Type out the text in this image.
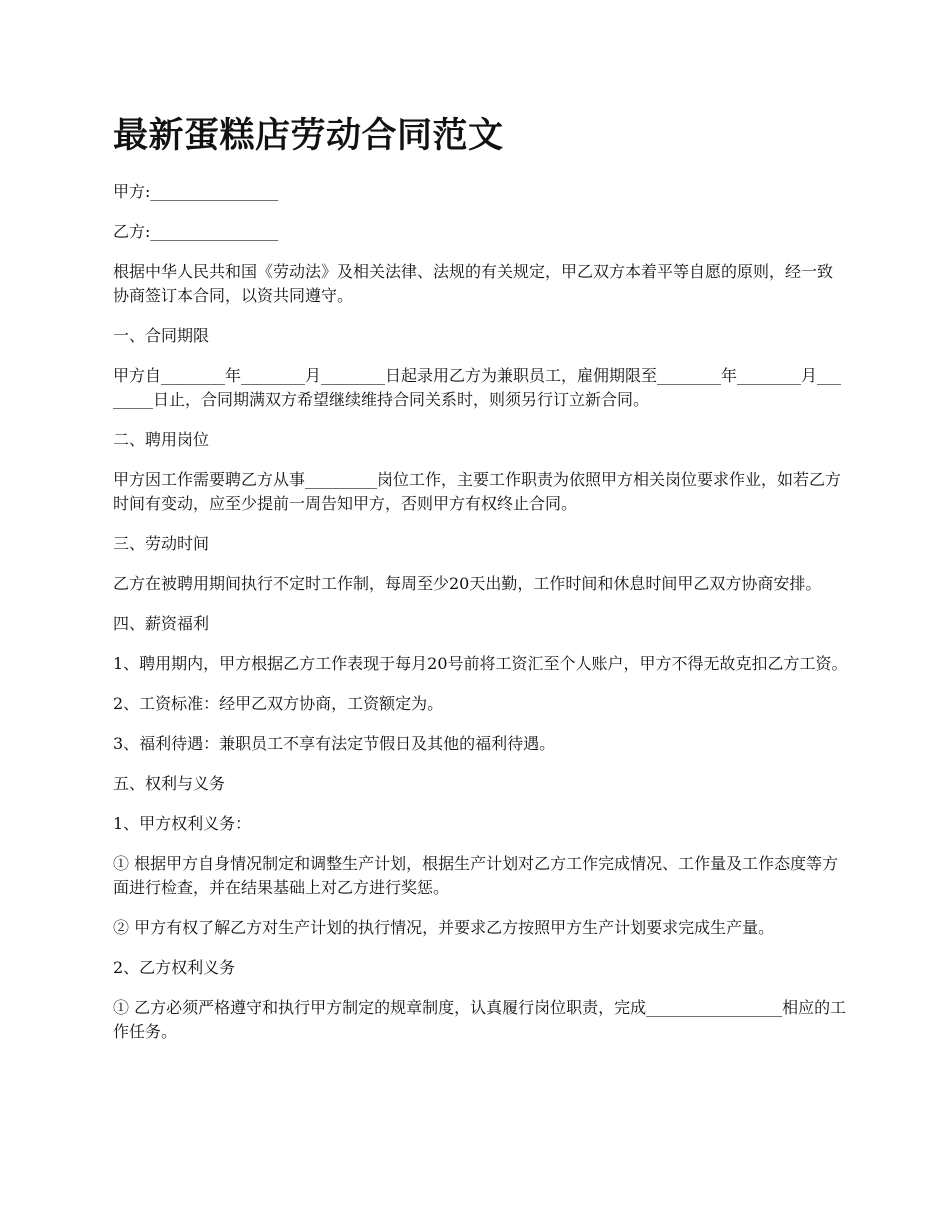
最新蛋糕店劳动合同范文

甲方:________________

乙方:________________

根据中华人民共和国《劳动法》及相关法律、法规的有关规定，甲乙双方本着平等自愿的原则，经一致协商签订本合同，以资共同遵守。

一、合同期限

甲方自________年________月________日起录用乙方为兼职员工，雇佣期限至________年________月________日止，合同期满双方希望继续维持合同关系时，则须另行订立新合同。

二、聘用岗位

甲方因工作需要聘乙方从事_________岗位工作，主要工作职责为依照甲方相关岗位要求作业，如若乙方时间有变动，应至少提前一周告知甲方，否则甲方有权终止合同。

三、劳动时间

乙方在被聘用期间执行不定时工作制，每周至少20天出勤，工作时间和休息时间甲乙双方协商安排。

四、薪资福利

1、聘用期内，甲方根据乙方工作表现于每月20号前将工资汇至个人账户，甲方不得无故克扣乙方工资。

2、工资标准：经甲乙双方协商，工资额定为。

3、福利待遇：兼职员工不享有法定节假日及其他的福利待遇。

五、权利与义务

1、甲方权利义务：

① 根据甲方自身情况制定和调整生产计划，根据生产计划对乙方工作完成情况、工作量及工作态度等方面进行检查，并在结果基础上对乙方进行奖惩。

② 甲方有权了解乙方对生产计划的执行情况，并要求乙方按照甲方生产计划要求完成生产量。

2、乙方权利义务

① 乙方必须严格遵守和执行甲方制定的规章制度，认真履行岗位职责，完成_________________相应的工作任务。
